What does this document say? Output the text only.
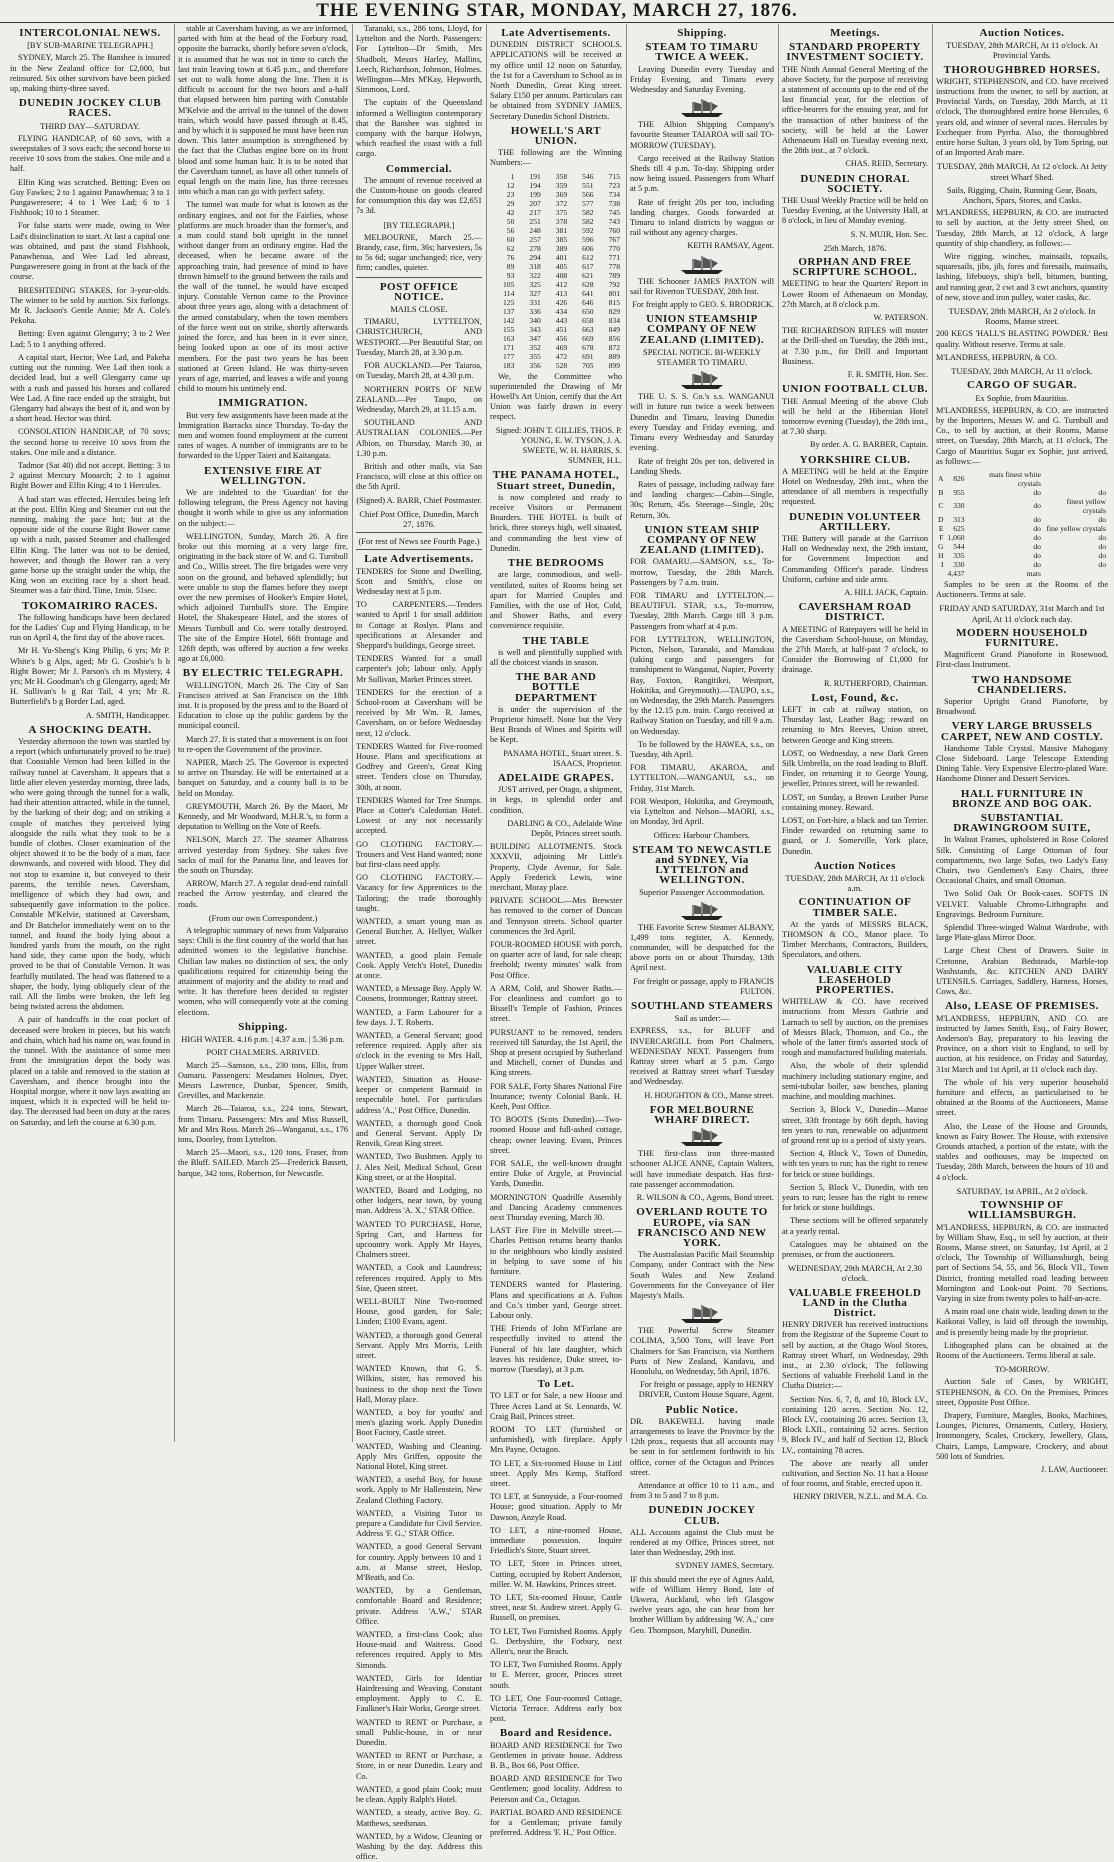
THE EVENING STAR, MONDAY, MARCH 27, 1876.
INTERCOLONIAL NEWS.
[BY SUB-MARINE TELEGRAPH.]
SYDNEY, March 25. The Banshee is insured in the New Zealand office for £2,000, but reinsured. Six other survivors have been picked up, making thirty-three saved.
DUNEDIN JOCKEY CLUB RACES.
THIRD DAY—SATURDAY.
FLYING HANDICAP, of 60 sovs, with a sweepstakes of 3 sovs each; the second horse to receive 10 sovs from the stakes. One mile and a half.
Elfin King was scratched. Betting: Even on Guy Fawkes; 2 to 1 against Panawhenua; 3 to 1 Pungaweresere; 4 to 1 Wee Lad; 6 to 1 Fishhook; 10 to 1 Steamer.
For false starts were made, owing to Wee Lad's disinclination to start. At last a capital one was obtained, and past the stand Fishhook, Panawhenua, and Wee Lad led abreast, Pungaweresere going in front at the back of the course.
BRESHTEDING STAKES, for 3-year-olds. The winner to be sold by auction. Six furlongs. Mr R. Jackson's Gentle Annie; Mr A. Cole's Pekoha.
Betting: Even against Glengarry; 3 to 2 Wee Lad; 5 to 1 anything offered.
A capital start, Hector, Wee Lad, and Pakeha cutting out the running. Wee Lad then took a decided lead, but a well Glengarry came up with a rush and passed his horses and collared Wee Lad. A fine race ended up the straight, but Glengarry had always the best of it, and won by a short head. Hector was third.
CONSOLATION HANDICAP, of 70 sovs; the second horse to receive 10 sovs from the stakes. One mile and a distance.
Tadmor (Sat 40) did not accept. Betting: 3 to 2 against Mercury Monarch; 2 to 1 against Right Bower and Elfin King; 4 to 1 Hercules.
A bad start was effected, Hercules being left at the post. Elfin King and Steamer cut out the running, making the pace hot; but at the opposite side of the course Right Bower came up with a rush, passed Steamer and challenged Elfin King. The latter was not to be denied, however, and though the Bower ran a very game horse up the straight under the whip, the King won an exciting race by a short head. Steamer was a fair third. Time, 1min. 51sec.
TOKOMAIRIRO RACES.
The following handicaps have been declared for the Ladies' Cup and Flying Handicap, to be run on April 4, the first day of the above races.
Mr H. Yu-Sheng's King Philip, 6 yrs; Mr P. White's b g Alps, aged; Mr G. Crosbie's b h Right Bower; Mr J. Parson's ch m Mystery, 4 yrs; Mr H. Goodman's ch g Glengarry, aged; Mr H. Sullivan's b g Rat Tail, 4 yrs; Mr R. Butterfield's b g Border Lad, aged.
A. SMITH, Handicapper.
A SHOCKING DEATH.
Yesterday afternoon the town was startled by a report (which unfortunately proved to be true) that Constable Vernon had been killed in the railway tunnel at Caversham. It appears that a little after eleven yesterday morning, three lads, who were going through the tunnel for a walk, had their attention attracted, while in the tunnel, by the barking of their dog; and on striking a couple of matches they perceived lying alongside the rails what they took to be a bundle of clothes. Closer examination of the object showed it to be the body of a man, face downwards, and covered with blood. They did not stop to examine it, but conveyed to their parents, the terrible news. Caversham, intelligence of which they had own, and subsequently gave information to the police. Constable M'Kelvie, stationed at Caversham, and Dr Batchelor immediately went on to the tunnel, and found the body lying about a hundred yards from the mouth, on the right hand side, they came upon the body, which proved to be that of Constable Vernon. It was fearfully mutilated. The head was flattened to a shaper, the body, lying obliquely clear of the rail. All the limbs were broken, the left leg being twisted across the abdomen.
A pair of handcuffs in the coat pocket of deceased were broken in pieces, but his watch and chain, which had his name on, was found in the tunnel. With the assistance of some men from the immigration depot the body was placed on a table and removed to the station at Caversham, and thence brought into the Hospital morgue, where it now lays awaiting an inquest, which it is expected will be held to-day. The deceased had been on duty at the races on Saturday, and left the course at 6.30 p.m.
stable at Caversham having, as we are informed, parted with him at the head of the Forbury road, opposite the barracks, shortly before seven o'clock, it is assumed that he was not in time to catch the last train leaving town at 6.45 p.m., and therefore set out to walk home along the line. Then it is difficult to account for the two hours and a-half that elapsed between him parting with Constable M'Kelvie and the arrival in the tunnel of the down train, which would have passed through at 8.45, and by which it is supposed he must have been run down. This latter assumption is strengthened by the fact that the Cluthas engine bore on its front blood and some human hair. It is to be noted that the Caversham tunnel, as have all other tunnels of equal length on the main line, has three recesses into which a man can go with perfect safety.
The tunnel was made for what is known as the ordinary engines, and not for the Fairlies, whose platforms are much broader than the former's, and a man could stand bolt upright in the tunnel without danger from an ordinary engine. Had the deceased, when he became aware of the approaching train, had presence of mind to have thrown himself to the ground between the rails and the wall of the tunnel, he would have escaped injury. Constable Vernon came to the Province about three years ago, along with a detachment of the armed constabulary, when the town members of the force went out on strike, shortly afterwards joined the force, and has been in it ever since, being looked upon as one of its most active members. For the past two years he has been stationed at Green Island. He was thirty-seven years of age, married, and leaves a wife and young child to mourn his untimely end.
IMMIGRATION.
But very few assignments have been made at the Immigration Barracks since Thursday. To-day the men and women found employment at the current rates of wages. A number of immigrants are to be forwarded to the Upper Taieri and Kaitangata.
EXTENSIVE FIRE AT WELLINGTON.
We are indebted to the 'Guardian' for the following telegram, the Press Agency not having thought it worth while to give us any information on the subject:—
WELLINGTON, Sunday, March 26. A fire broke out this morning at a very large fire, originating in the back store of W. and G. Turnbull and Co., Willis street. The fire brigades were very soon on the ground, and behaved splendidly; but were unable to stop the flames before they swept over the new premises of Hooker's Empire Hotel, which adjoined Turnbull's store. The Empire Hotel, the Shakespeare Hotel, and the stores of Messrs Turnbull and Co. were totally destroyed. The site of the Empire Hotel, 66ft frontage and 126ft depth, was offered by auction a few weeks ago at £6,000.
BY ELECTRIC TELEGRAPH.
WELLINGTON, March 26. The City of San Francisco arrived at San Francisco on the 18th inst. It is proposed by the press and to the Board of Education to close up the public gardens by the municipal council.
March 27. It is stated that a movement is on foot to re-open the Government of the province.
NAPIER, March 25. The Governor is expected to arrive on Thursday. He will be entertained at a banquet on Saturday, and a county ball is to be held on Monday.
GREYMOUTH, March 26. By the Maori, Mr Kennedy, and Mr Woodward, M.H.R.'s, to form a deputation to Welling on the Vote of Reefs.
NELSON, March 27. The steamer Albatross arrived yesterday from Sydney. She takes five sacks of mail for the Panama line, and leaves for the south on Thursday.
ARROW, March 27. A regular dead-end rainfall reached the Arrow yesterday, and cleared the roads.
(From our own Correspondent.)
A telegraphic summary of news from Valparaiso says: Chili is the first country of the world that has admitted women to the legislative franchise. Chilian law makes no distinction of sex, the only qualifications required for citizenship being the attainment of majority and the ability to read and write. It has therefore been decided to register women, who will consequently vote at the coming elections.
Shipping.
HIGH WATER. 4.16 p.m. | 4.37 a.m. | 5.36 p.m.
PORT CHALMERS. ARRIVED.
March 25—Samson, s.s., 230 tons, Ellis, from Oamaru. Passengers: Mesdames Holmes, Dyer, Messrs Lawrence, Dunbar, Spencer, Smith, Grevilles, and Mackenzie.
March 26—Taiaroa, s.s., 224 tons, Stewart, from Timaru. Passengers: Mrs and Miss Russell, Mr and Mrs Ross. March 26—Wanganui, s.s., 176 tons, Doorley, from Lyttelton.
March 25—Maori, s.s., 120 tons, Fraser, from the Bluff. SAILED. March 25—Frederick Bassett, barque, 342 tons, Robertson, for Newcastle.
Taranaki, s.s., 286 tons, Lloyd, for Lyttelton and the North. Passengers: For Lyttelton—Dr Smith, Mrs Shadbolt, Messrs Harley, Mallins, Leech, Richardson, Johnson, Holmes. Wellington—Mrs M'Kay, Hepworth, Simmons, Lord.
The captain of the Queensland informed a Wellington contemporary that the Banshee was sighted in company with the barque Holwyn, which reached the coast with a full cargo.
Commercial.
The amount of revenue received at the Custom-house on goods cleared for consumption this day was £2,651 7s 3d.
[BY TELEGRAPH.]
MELBOURNE, March 25.—Brandy, case, firm, 36s; harvesters, 5s to 5s 6d; sugar unchanged; rice, very firm; candles, quieter.
POST OFFICE NOTICE.
MAILS CLOSE.
TIMARU, LYTTELTON, CHRISTCHURCH, AND WESTPORT.—Per Beautiful Star, on Tuesday, March 28, at 3.30 p.m.
FOR AUCKLAND.—Per Taiaroa, on Tuesday, March 28, at 4.30 p.m.
NORTHERN PORTS OF NEW ZEALAND.—Per Taupo, on Wednesday, March 29, at 11.15 a.m.
SOUTHLAND AND AUSTRALIAN COLONIES.—Per Albion, on Thursday, March 30, at 1.30 p.m.
British and other mails, via San Francisco, will close at this office on the 5th April.
(Signed) A. BARR, Chief Postmaster.
Chief Post Office, Dunedin, March 27, 1876.
(For rest of News see Fourth Page.)
Late Advertisements.
TENDERS for Stone and Dwelling, Scott and Smith's, close on Wednesday next at 5 p.m.
TO CARPENTERS.—Tenders wanted to April 1 for small addition to Cottage at Roslyn. Plans and specifications at Alexander and Sheppard's buildings, George street.
TENDERS Wanted for a small carpenter's job; labour only. Apply Mr Sullivan, Market Princes street.
TENDERS for the erection of a School-room at Caversham will be received by Mr Wm. R. James, Caversham, on or before Wednesday next, 12 o'clock.
TENDERS Wanted for Five-roomed House. Plans and specifications at Godfrey and Green's, Great King street. Tenders close on Thursday, 30th, at noon.
TENDERS Wanted for Tree Stumps. Place at Cotter's Caledonian Hotel. Lowest or any not necessarily accepted.
GO CLOTHING FACTORY.—Trousers and Vest Hand wanted; none but first-class need apply.
GO CLOTHING FACTORY.—Vacancy for few Apprentices to the Tailoring; the trade thoroughly taught.
WANTED, a smart young man as General Butcher. A. Hellyer, Walker street.
WANTED, a good plain Female Cook. Apply Vetch's Hotel, Dunedin at once.
WANTED, a Message Boy. Apply W. Cousens, Ironmonger, Rattray street.
WANTED, a Farm Labourer for a few days. J. T. Roberts.
WANTED, a General Servant; good reference required. Apply after six o'clock in the evening to Mrs Hall, Upper Walker street.
WANTED, Situation as House-keeper or competent Barmaid in respectable hotel. For particulars address 'A.,' Post Office, Dunedin.
WANTED, a thorough good Cook and General Servant. Apply Dr Renvik, Great King street.
WANTED, Two Bushmen. Apply to J. Alex Neil, Medical School, Great King street, or at the Hospital.
WANTED, Board and Lodging, no other lodgers, near town, by young man. Address 'A. X.,' STAR Office.
WANTED TO PURCHASE, Horse, Spring Cart, and Harness for upcountry work. Apply Mr Hayes, Chalmers street.
WANTED, a Cook and Laundress; references required. Apply to Mrs Sise, Queen street.
WELL-BUILT Nine Two-roomed House, good garden, for Sale; Linden; £100 Evans, agent.
WANTED, a thorough good General Servant. Apply Mrs Morris, Leith street.
WANTED Known, that G. S. Wilkins, sister, has removed his business to the shop next the Town Hall, Moray place.
WANTED, a boy for youths' and men's glazing work. Apply Dunedin Boot Factory, Castle street.
WANTED, Washing and Cleaning. Apply Mrs Griffen, opposite the National Hotel, King street.
WANTED, a useful Boy, for house work. Apply to Mr Hallenstein, New Zealand Clothing Factory.
WANTED, a Visiting Tutor to prepare a Candidate for Civil Service. Address 'F. G.,' STAR Office.
WANTED, a good General Servant for country. Apply between 10 and 1 a.m. at Manse street, Heslop, M'Beath, and Co.
WANTED, by a Gentleman, comfortable Board and Residence; private. Address 'A.W.,' STAR Office.
WANTED, a first-class Cook; also House-maid and Waitress. Good references required. Apply to Mrs Simonds.
WANTED, Girls for Identiar Hairdressing and Weaving. Constant employment. Apply to C. E. Faulkner's Hair Works, George street.
WANTED to RENT or Purchase, a small Public-house, in or near Dunedin.
WANTED to RENT or Purchase, a Store, in or near Dunedin. Leary and Co.
WANTED, a good plain Cook; must be clean. Apply Ralph's Hotel.
WANTED, a steady, active Boy. G. Matthews, seedsman.
WANTED, by a Widow, Cleaning or Washing by the day. Address this office.
Late Advertisements.
DUNEDIN DISTRICT SCHOOLS. APPLICATIONS will be received at my office until 12 noon on Saturday, the 1st for a Caversham to School as in North Dunedin, Great King street. Salary £150 per annum. Particulars can be obtained from SYDNEY JAMES, Secretary Dunedin School Districts.
HOWELL'S ART UNION.
THE following are the Winning Numbers:—
1	191	358	546	715
12	194	359	551	723
23	199	369	566	734
29	207	372	577	738
42	217	375	582	745
50	251	378	582	743
56	248	381	592	760
60	257	385	596	767
62	278	389	606	770
76	294	401	612	771
89	318	405	617	778
93	322	408	621	789
105	325	412	628	792
114	327	413	641	801
125	331	426	646	815
137	336	434	650	829
142	340	443	658	834
155	343	451	663	849
163	347	456	669	856
171	352	469	678	872
177	355	472	691	889
183	356	528	705	899
We, the Committee who superintended the Drawing of Mr Howell's Art Union, certify that the Art Union was fairly drawn in every respect.
Signed: JOHN T. GILLIES, THOS. P. YOUNG, E. W. TYSON, J. A. SWEETE, W. H. HARRIS, S. SUMNER, H.L.
THE PANAMA HOTEL, Stuart street, Dunedin,
is now completed and ready to receive Visitors or Permanent Boarders. THE HOTEL is built of brick, three storeys high, well situated, and commanding the best view of Dunedin.
THE BEDROOMS
are large, commodious, and well-ventilated, suites of Rooms being set apart for Married Couples and Families, with the use of Hot, Cold, and Shower Baths, and every convenience requisite.
THE TABLE
is well and plentifully supplied with all the choicest viands in season.
THE BAR AND BOTTLE DEPARTMENT
is under the supervision of the Proprietor himself. None but the Very Best Brands of Wines and Spirits will be Kept.
PANAMA HOTEL, Stuart street. S. ISAACS, Proprietor.
ADELAIDE GRAPES.
JUST arrived, per Otago, a shipment, in kegs, in splendid order and condition.
DARLING & CO., Adelaide Wine Depôt, Princes street south.
BUILDING ALLOTMENTS. Stock XXXVII, adjoining Mr Little's Property, Clyde Avenue, for Sale. Apply Frederick Lewis, wine merchant, Moray place.
PRIVATE SCHOOL.—Mrs Brewster has removed to the corner of Duncan and Tennyson streets. School quarter commences the 3rd April.
FOUR-ROOMED HOUSE with porch, on quarter acre of land, for sale cheap; freehold; twenty minutes' walk from Post Office.
A ARM, Cold, and Shower Baths.—For cleanliness and comfort go to Bissell's Temple of Fashion, Princes street.
PURSUANT to be removed, tenders received till Saturday, the 1st April, the Shop at present occupied by Sutherland and Mitchell, corner of Dundas and King streets.
FOR SALE, Forty Shares National Fire Insurance; twenty Colonial Bank. H. Keeh, Post Office.
TO BOOTS (Scots Dunedin).—Two-roomed House and full-ashed cottage, cheap; owner leaving. Evans, Princes street.
FOR SALE, the well-known draught entire Duke of Argyle, at Provincial Yards, Dunedin.
MORNINGTON Quadrille Assembly and Dancing Academy commences next Thursday evening, March 30.
LAST Fire Fire in Melville street.—Charles Pettison returns hearty thanks to the neighbours who kindly assisted in helping to save some of his furniture.
TENDERS wanted for Plastering. Plans and specifications at A. Fulton and Co.'s timber yard, George street. Labour only.
THE Friends of John M'Farlane are respectfully invited to attend the Funeral of his late daughter, which leaves his residence, Duke street, to-morrow (Tuesday), at 3 p.m.
To Let.
TO LET or for Sale, a new House and Three Acres Land at St. Leonards, W. Craig Bail, Princes street.
ROOM TO LET (furnished or unfurnished), with fireplace. Apply Mrs Payne, Octagon.
TO LET, a Six-roomed House in Littl street. Apply Mrs Kemp, Stafford street.
TO LET, at Sunnyside, a Four-roomed House; good situation. Apply to Mr Dawson, Anzyle Road.
TO LET, a nine-roomed House, immediate possession. Inquire Friedlich's Store, Stuart street.
TO LET, Store in Princes street, Cutting, occupied by Robert Anderson, miller. W. M. Hawkins, Princes street.
TO LET, Six-roomed House, Castle street, near St. Andrew street. Apply G. Russell, on premises.
TO LET, Two Furnished Rooms. Apply G. Derbyshire, the Forbury, next Allen's, near the Beach.
TO LET, Two Furnished Rooms. Apply to E. Mercer, grocer, Princes street south.
TO LET, One Four-roomed Cottage, Victoria Terrace. Address early box post.
Board and Residence.
BOARD AND RESIDENCE for Two Gentlemen in private house. Address B. B., Box 66, Post Office.
BOARD AND RESIDENCE for Two Gentlemen; good locality. Address to Peterson and Co., Octagon.
PARTIAL BOARD AND RESIDENCE for a Gentleman; private family preferred. Address 'F. H.,' Post Office.
Shipping.
STEAM TO TIMARU TWICE A WEEK.
Leaving Dunedin every Tuesday and Friday Evening, and Timaru every Wednesday and Saturday Evening.
THE Albion Shipping Company's favourite Steamer TAIAROA will sail TO-MORROW (TUESDAY).
Cargo received at the Railway Station Sheds till 4 p.m. To-day. Shipping order now being issued. Passengers from Wharf at 5 p.m.
Rate of freight 20s per ton, including landing charges. Goods forwarded at Timaru to inland districts by waggon or rail without any agency charges.
KEITH RAMSAY, Agent.
THE Schooner JAMES PAXTON will sail for Riverton TUESDAY, 28th Inst.
For freight apply to GEO. S. BRODRICK.
UNION STEAMSHIP COMPANY OF NEW ZEALAND (LIMITED).
SPECIAL NOTICE. BI-WEEKLY STEAMER TO TIMARU.
THE U. S. S. Co.'s s.s. WANGANUI will in future run twice a week between Dunedin and Timaru, leaving Dunedin every Tuesday and Friday evening, and Timaru every Wednesday and Saturday evening.
Rate of freight 20s per ton, delivered in Landing Sheds.
Rates of passage, including railway fare and landing charges:—Cabin—Single, 30s; Return, 45s. Steerage—Single, 20s; Return, 30s.
UNION STEAM SHIP COMPANY OF NEW ZEALAND (LIMITED).
FOR OAMARU.—SAMSON, s.s., To-morrow, Tuesday, the 28th March. Passengers by 7 a.m. train.
FOR TIMARU and LYTTELTON.—BEAUTIFUL STAR, s.s., To-morrow, Tuesday, 28th March. Cargo till 3 p.m. Passengers from wharf at 4 p.m.
FOR LYTTELTON, WELLINGTON, Picton, Nelson, Taranaki, and Manukau (taking cargo and passengers for transhipment to Wanganui, Napier, Poverty Bay, Foxton, Rangitikei, Westport, Hokitika, and Greymouth).—TAUPO, s.s., on Wednesday, the 29th March. Passengers by the 12.15 p.m. train. Cargo received at Railway Station on Tuesday, and till 9 a.m. on Wednesday.
To be followed by the HAWEA, s.s., on Tuesday, 4th April.
FOR TIMARU, AKAROA, and LYTTELTON.—WANGANUI, s.s., on Friday, 31st March.
FOR Westport, Hokitika, and Greymouth, via Lyttelton and Nelson—MAORI, s.s., on Monday, 3rd April.
Offices: Harbour Chambers.
STEAM TO NEWCASTLE and SYDNEY, Via LYTTELTON and WELLINGTON.
Superior Passenger Accommodation.
THE Favorite Screw Steamer ALBANY, 1,499 tons register, A. Kennedy, commander, will be despatched for the above ports on or about Thursday, 13th April next.
For freight or passage, apply to FRANCIS FULTON.
SOUTHLAND STEAMERS
Sail as under:—
EXPRESS, s.s., for BLUFF and INVERCARGILL from Port Chalmers, WEDNESDAY NEXT. Passengers from Rattray street wharf at 5 p.m. Cargo received at Rattray street wharf Tuesday and Wednesday.
H. HOUGHTON & CO., Manse street.
FOR MELBOURNE WHARF DIRECT.
THE first-class iron three-masted schooner ALICE ANNE, Captain Walters, will have immediate despatch. Has first-rate passenger accommodation.
R. WILSON & CO., Agents, Bond street.
OVERLAND ROUTE TO EUROPE, via SAN FRANCISCO AND NEW YORK.
The Australasian Pacific Mail Steamship Company, under Contract with the New South Wales and New Zealand Governments for the Conveyance of Her Majesty's Mails.
THE Powerful Screw Steamer COLIMA, 3,500 Tons, will leave Port Chalmers for San Francisco, via Northern Ports of New Zealand, Kandavu, and Honolulu, on Wednesday, 5th April, 1876.
For freight or passage, apply to HENRY DRIVER, Custom House Square, Agent.
Public Notice.
DR. BAKEWELL having made arrangements to leave the Province by the 12th prox., requests that all accounts may be sent in for settlement forthwith to his office, corner of the Octagon and Princes street.
Attendance at office 10 to 11 a.m., and from 3 to 5 and 7 to 8 p.m.
DUNEDIN JOCKEY CLUB.
ALL Accounts against the Club must be rendered at my Office, Princes street, not later than Wednesday, 29th inst.
SYDNEY JAMES, Secretary.
IF this should meet the eye of Agnes Auld, wife of William Henry Bond, late of Ukwera, Auckland, who left Glasgow twelve years ago, she can hear from her brother William by addressing 'W. A.,' care Geo. Thompson, Maryhill, Dunedin.
Meetings.
STANDARD PROPERTY INVESTMENT SOCIETY.
THE Ninth Annual General Meeting of the above Society, for the purpose of receiving a statement of accounts up to the end of the last financial year, for the election of office-bearers for the ensuing year, and for the transaction of other business of the society, will be held at the Lower Athenaeum Hall on Tuesday evening next, the 28th inst., at 7 o'clock.
CHAS. REID, Secretary.
DUNEDIN CHORAL SOCIETY.
THE Usual Weekly Practice will be held on Tuesday Evening, at the University Hall, at 8 o'clock, in lieu of Monday evening.
S. N. MUIR, Hon. Sec.
25th March, 1876.
ORPHAN AND FREE SCRIPTURE SCHOOL.
MEETING to hear the Quarters' Report in Lower Room of Athenaeum on Monday, 27th March, at 8 o'clock p.m.
W. PATERSON.
THE RICHARDSON RIFLES will muster at the Drill-shed on Tuesday, the 28th inst., at 7.30 p.m., for Drill and Important Business.
F. R. SMITH, Hon. Sec.
UNION FOOTBALL CLUB.
THE Annual Meeting of the above Club will be held at the Hibernian Hotel tomorrow evening (Tuesday), the 28th inst., at 7.30 sharp.
By order. A. G. BARBER, Captain.
YORKSHIRE CLUB.
A MEETING will be held at the Empire Hotel on Wednesday, 29th inst., when the attendance of all members is respectfully requested.
DUNEDIN VOLUNTEER ARTILLERY.
THE Battery will parade at the Garrison Hall on Wednesday next, the 29th instant, for Government Inspection and Commanding Officer's parade. Undress Uniform, carbine and side arms.
A. HILL JACK, Captain.
CAVERSHAM ROAD DISTRICT.
A MEETING of Ratepayers will be held in the Caversham School-house, on Monday, the 27th March, at half-past 7 o'clock, to Consider the Borrowing of £1,000 for drainage.
R. RUTHERFORD, Chairman.
Lost, Found, &c.
LEFT in cab at railway station, on Thursday last, Leather Bag; reward on returning to Mrs Reeves, Union street, between George and King streets.
LOST, on Wednesday, a new Dark Green Silk Umbrella, on the road leading to Bluff. Finder, on returning it to George Young, jeweller, Princes street, will be rewarded.
LOST, on Sunday, a Brown Leather Purse containing money. Reward.
LOST, on Fort-hire, a black and tan Terrier. Finder rewarded on returning same to guard, or J. Somerville, York place, Dunedin.
Auction Notices
TUESDAY, 28th MARCH, At 11 o'clock a.m.
CONTINUATION OF TIMBER SALE.
At the yards of MESSRS BLACK, THOMSON & CO., Manor place. To Timber Merchants, Contractors, Builders, Speculators, and others.
VALUABLE CITY LEASEHOLD PROPERTIES.
WHITELAW & CO. have received instructions from Messrs Guthrie and Larnach to sell by auction, on the premises of Messrs Black, Thomson, and Co., the whole of the latter firm's assorted stock of rough and manufactured building materials.
Also, the whole of their splendid machinery including stationary engine, and semi-tubular boiler, saw benches, planing machine, and moulding machines.
Section 3, Block V., Dunedin—Manse street, 33ft frontage by 66ft depth, having ten years to run, renewable on adjustment of ground rent up to a period of sixty years.
Section 4, Block V., Town of Dunedin, with ten years to run; has the right to renew for brick or stone buildings.
Section 5, Block V., Dunedin, with ten years to run; lessee has the right to renew for brick or stone buildings.
These sections will be offered separately at a yearly rental.
Catalogues may be obtained on the premises, or from the auctioneers.
WEDNESDAY, 29th MARCH, At 2.30 o'clock.
VALUABLE FREEHOLD LAND in the Clutha District.
HENRY DRIVER has received instructions from the Registrar of the Supreme Court to sell by auction, at the Otago Wool Stores, Rattray street Wharf, on Wednesday, 29th inst., at 2.30 o'clock, The following Sections of valuable Freehold Land in the Clutha District:—
Section Nos. 6, 7, 8, and 10, Block LV., containing 120 acres. Section No. 12, Block LV., containing 26 acres. Section 13, Block LXII., containing 52 acres. Section 9, Block IV., and half of Section 12, Block LV., containing 78 acres.
The above are nearly all under cultivation, and Section No. 11 has a House of four rooms, and Stable, erected upon it.
HENRY DRIVER, N.Z.L. and M.A. Co.
Auction Notices.
TUESDAY, 28th MARCH, At 11 o'clock. At Provincial Yards.
THOROUGHBRED HORSES.
WRIGHT, STEPHENSON, and CO. have received instructions from the owner, to sell by auction, at Provincial Yards, on Tuesday, 28th March, at 11 o'clock, The thoroughbred entire horse Hercules, 6 years old, and winner of several races. Hercules by Exchequer from Pyrrha. Also, the thoroughbred entire horse Sultan, 3 years old, by Tom Spring, out of an Imported Arab mare.
TUESDAY, 28th MARCH, At 12 o'clock. At Jetty street Wharf Shed.
Sails, Rigging, Chain, Running Gear, Boats, Anchors, Spars, Stores, and Casks.
M'LANDRESS, HEPBURN, & CO. are instructed to sell by auction, at the Jetty street Shed, on Tuesday, 28th March, at 12 o'clock, A large quantity of ship chandlery, as follows:—
Wire rigging, winches, mainsails, topsails, squaresails, jibs, jib, fores and foresails, mainsails, lashing, lifebuoys, ship's bell, bitumen, bunting, and running gear, 2 cwt and 3 cwt anchors, quantity of new, stove and iron pulley, water casks, &c.
TUESDAY, 28th MARCH, At 2 o'clock. In Rooms, Manse street.
200 KEGS 'HALL'S BLASTING POWDER.' Best quality. Without reserve. Terms at sale.
M'LANDRESS, HEPBURN, & CO.
TUESDAY, 28th MARCH, At 11 o'clock.
CARGO OF SUGAR.
Ex Sophie, from Mauritius.
M'LANDRESS, HEPBURN, & CO. are instructed by the Importers, Messrs W. and G. Turnbull and Co., to sell by auction, at their Rooms, Manse street, on Tuesday, 28th March, at 11 o'clock, The Cargo of Mauritius Sugar ex Sophie, just arrived, as follows:—
A	826	mats finest white crystals	
B	955	do	do
C	330	do	finest yellow crystals
D	313	do	do
E	625	do	fine yellow crystals
F	1,060	do	do
G	544	do	do
H	335	do	do
I	330	do	do
	4,437	mats	
Samples to be seen at the Rooms of the Auctioneers. Terms at sale.
FRIDAY AND SATURDAY, 31st March and 1st April, At 11 o'clock each day.
MODERN HOUSEHOLD FURNITURE.
Magnificent Grand Pianoforte in Rosewood, First-class Instrument.
TWO HANDSOME CHANDELIERS.
Superior Upright Grand Pianoforte, by Broadwood.
VERY LARGE BRUSSELS CARPET, NEW AND COSTLY.
Handsome Table Crystal. Massive Mahogany Close Sideboard. Large Telescope Extending Dining Table. Very Expensive Electro-plated Ware. Handsome Dinner and Dessert Services.
HALL FURNITURE IN BRONZE AND BOG OAK.
SUBSTANTIAL DRAWINGROOM SUITE,
In Walnut Frames, upholstered in Rose Colored Silk. Consisting of Large Ottoman of four compartments, two large Sofas, two Lady's Easy Chairs, two Gentlemen's Easy Chairs, three Occasional Chairs, and small Ottoman.
Two Solid Oak Or Book-cases. SOFTS IN VELVET. Valuable Chromo-Lithographs and Engravings. Bedroom Furniture.
Splendid Three-winged Walnut Wardrobe, with large Plate-glass Mirror Door.
Large Chest Chest of Drawers. Suite in Cretonne, Arabian Bedsteads, Marble-top Washstands, &c. KITCHEN AND DAIRY UTENSILS. Carriages, Saddlery, Harness, Horses, Cows, &c.
Also, LEASE OF PREMISES.
M'LANDRESS, HEPBURN, AND CO. are instructed by James Smith, Esq., of Fairy Bower, Anderson's Bay, preparatory to his leaving the Province, on a short visit to England, to sell by auction, at his residence, on Friday and Saturday, 31st March and 1st April, at 11 o'clock each day.
The whole of his very superior household furniture and effects, as particularised to be obtained at the Rooms of the Auctioneers, Manse street.
Also, the Lease of the House and Grounds, known as Fairy Bower. The House, with extensive Grounds attached, a portion of the estate, with the stables and outhouses, may be inspected on Tuesday, 28th March, between the hours of 10 and 4 o'clock.
SATURDAY, 1st APRIL, At 2 o'clock.
TOWNSHIP OF WILLIAMSBURGH.
M'LANDRESS, HEPBURN, & CO. are instructed by William Shaw, Esq., to sell by auction, at their Rooms, Manse street, on Saturday, 1st April, at 2 o'clock, The Township of Williamsburgh, being part of Sections 54, 55, and 56, Block VII., Town District, fronting metalled road leading between Mornington and Look-out Point. 70 Sections. Varying in size from twenty poles to half-an-acre.
A main road one chain wide, leading down to the Kaikorai Valley, is laid off through the township, and is presently being made by the proprietor.
Lithographed plans can be obtained at the Rooms of the Auctioneers. Terms liberal at sale.
TO-MORROW.
Auction Sale of Cases, by WRIGHT, STEPHENSON, & CO. On the Premises, Princes street, Opposite Post Office.
Drapery, Furniture, Mangles, Books, Machines, Lounges, Pictures, Ornaments, Cutlery, Hosiery, Ironmongery, Scales, Crockery, Jewellery, Glass, Chairs, Lamps, Lampware, Crockery, and about 500 lots of Sundries.
J. LAW, Auctioneer.
